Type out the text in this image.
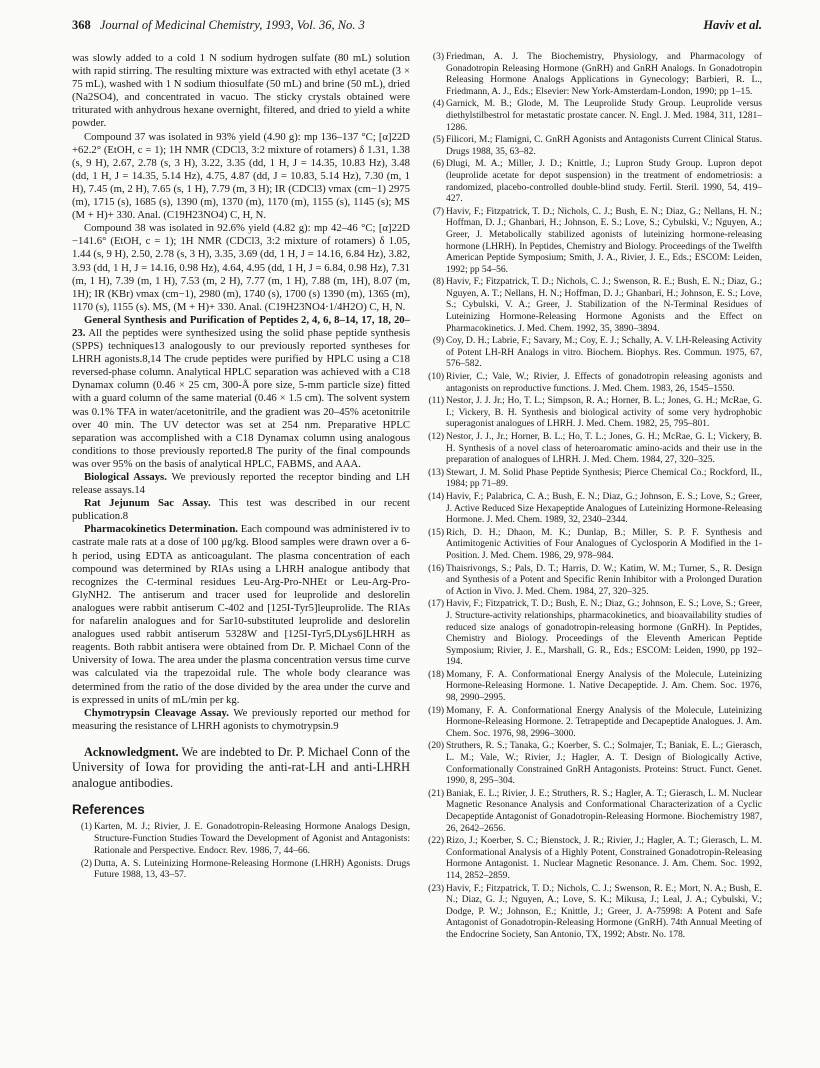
368 Journal of Medicinal Chemistry, 1993, Vol. 36, No. 3	Haviv et al.

was slowly added to a cold 1 N sodium hydrogen sulfate (80 mL) solution with rapid stirring. The resulting mixture was extracted with ethyl acetate (3 × 75 mL), washed with 1 N sodium thiosulfate (50 mL) and brine (50 mL), dried (Na2SO4), and concentrated in vacuo. The sticky crystals obtained were triturated with anhydrous hexane overnight, filtered, and dried to yield a white powder.

Compound 37 was isolated in 93% yield (4.90 g): mp 136–137 °C; [α]22D +62.2° (EtOH, c = 1); 1H NMR (CDCl3, 3:2 mixture of rotamers) δ 1.31, 1.38 (s, 9 H), 2.67, 2.78 (s, 3 H), 3.22, 3.35 (dd, 1 H, J = 14.35, 10.83 Hz), 3.48 (dd, 1 H, J = 14.35, 5.14 Hz), 4.75, 4.87 (dd, J = 10.83, 5.14 Hz), 7.30 (m, 1 H), 7.45 (m, 2 H), 7.65 (s, 1 H), 7.79 (m, 3 H); IR (CDCl3) νmax (cm−1) 2975 (m), 1715 (s), 1685 (s), 1390 (m), 1370 (m), 1170 (m), 1155 (s), 1145 (s); MS (M + H)+ 330. Anal. (C19H23NO4) C, H, N.

Compound 38 was isolated in 92.6% yield (4.82 g): mp 42–46 °C; [α]22D −141.6° (EtOH, c = 1); 1H NMR (CDCl3, 3:2 mixture of rotamers) δ 1.05, 1.44 (s, 9 H), 2.50, 2.78 (s, 3 H), 3.35, 3.69 (dd, 1 H, J = 14.16, 6.84 Hz), 3.82, 3.93 (dd, 1 H, J = 14.16, 0.98 Hz), 4.64, 4.95 (dd, 1 H, J = 6.84, 0.98 Hz), 7.31 (m, 1 H), 7.39 (m, 1 H), 7.53 (m, 2 H), 7.77 (m, 1 H), 7.88 (m, 1H), 8.07 (m, 1H); IR (KBr) νmax (cm−1), 2980 (m), 1740 (s), 1700 (s) 1390 (m), 1365 (m), 1170 (s), 1155 (s). MS, (M + H)+ 330. Anal. (C19H23NO4·1/4H2O) C, H, N.

General Synthesis and Purification of Peptides 2, 4, 6, 8–14, 17, 18, 20–23. All the peptides were synthesized using the solid phase peptide synthesis (SPPS) techniques13 analogously to our previously reported syntheses for LHRH agonists.8,14 The crude peptides were purified by HPLC using a C18 reversed-phase column. Analytical HPLC separation was achieved with a C18 Dynamax column (0.46 × 25 cm, 300-Å pore size, 5-mm particle size) fitted with a guard column of the same material (0.46 × 1.5 cm). The solvent system was 0.1% TFA in water/acetonitrile, and the gradient was 20–45% acetonitrile over 40 min. The UV detector was set at 254 nm. Preparative HPLC separation was accomplished with a C18 Dynamax column using analogous conditions to those previously reported.8 The purity of the final compounds was over 95% on the basis of analytical HPLC, FABMS, and AAA.

Biological Assays. We previously reported the receptor binding and LH release assays.14

Rat Jejunum Sac Assay. This test was described in our recent publication.8

Pharmacokinetics Determination. Each compound was administered iv to castrate male rats at a dose of 100 μg/kg. Blood samples were drawn over a 6-h period, using EDTA as anticoagulant. The plasma concentration of each compound was determined by RIAs using a LHRH analogue antibody that recognizes the C-terminal residues Leu-Arg-Pro-NHEt or Leu-Arg-Pro-GlyNH2. The antiserum and tracer used for leuprolide and deslorelin analogues were rabbit antiserum C-402 and [125I-Tyr5]leuprolide. The RIAs for nafarelin analogues and for Sar10-substituted leuprolide and deslorelin analogues used rabbit antiserum 5328W and [125I-Tyr5,DLys6]LHRH as reagents. Both rabbit antisera were obtained from Dr. P. Michael Conn of the University of Iowa. The area under the plasma concentration versus time curve was calculated via the trapezoidal rule. The whole body clearance was determined from the ratio of the dose divided by the area under the curve and is expressed in units of mL/min per kg.

Chymotrypsin Cleavage Assay. We previously reported our method for measuring the resistance of LHRH agonists to chymotrypsin.9

Acknowledgment. We are indebted to Dr. P. Michael Conn of the University of Iowa for providing the anti-rat-LH and anti-LHRH analogue antibodies.

References
(1) Karten, M. J.; Rivier, J. E. Gonadotropin-Releasing Hormone Analogs Design, Structure-Function Studies Toward the Development of Agonist and Antagonists: Rationale and Perspective. Endocr. Rev. 1986, 7, 44–66.
(2) Dutta, A. S. Luteinizing Hormone-Releasing Hormone (LHRH) Agonists. Drugs Future 1988, 13, 43–57.
(3) Friedman, A. J. The Biochemistry, Physiology, and Pharmacology of Gonadotropin Releasing Hormone (GnRH) and GnRH Analogs. In Gonadotropin Releasing Hormone Analogs Applications in Gynecology; Barbieri, R. L., Friedmann, A. J., Eds.; Elsevier: New York-Amsterdam-London, 1990; pp 1–15.
(4) Garnick, M. B.; Glode, M. The Leuprolide Study Group. Leuprolide versus diethylstilbestrol for metastatic prostate cancer. N. Engl. J. Med. 1984, 311, 1281–1286.
(5) Filicori, M.; Flamigni, C. GnRH Agonists and Antagonists Current Clinical Status. Drugs 1988, 35, 63–82.
(6) Dlugi, M. A.; Miller, J. D.; Knittle, J.; Lupron Study Group. Lupron depot (leuprolide acetate for depot suspension) in the treatment of endometriosis: a randomized, placebo-controlled double-blind study. Fertil. Steril. 1990, 54, 419–427.
(7) Haviv, F.; Fitzpatrick, T. D.; Nichols, C. J.; Bush, E. N.; Diaz, G.; Nellans, H. N.; Hoffman, D. J.; Ghanbari, H.; Johnson, E. S.; Love, S.; Cybulski, V.; Nguyen, A.; Greer, J. Metabolically stabilized agonists of luteinizing hormone-releasing hormone (LHRH). In Peptides, Chemistry and Biology. Proceedings of the Twelfth American Peptide Symposium; Smith, J. A., Rivier, J. E., Eds.; ESCOM: Leiden, 1992; pp 54–56.
(8) Haviv, F.; Fitzpatrick, T. D.; Nichols, C. J.; Swenson, R. E.; Bush, E. N.; Diaz, G.; Nguyen, A. T.; Nellans, H. N.; Hoffman, D. J.; Ghanbari, H.; Johnson, E. S.; Love, S.; Cybulski, V. A.; Greer, J. Stabilization of the N-Terminal Residues of Luteinizing Hormone-Releasing Hormone Agonists and the Effect on Pharmacokinetics. J. Med. Chem. 1992, 35, 3890–3894.
(9) Coy, D. H.; Labrie, F.; Savary, M.; Coy, E. J.; Schally, A. V. LH-Releasing Activity of Potent LH-RH Analogs in vitro. Biochem. Biophys. Res. Commun. 1975, 67, 576–582.
(10) Rivier, C.; Vale, W.; Rivier, J. Effects of gonadotropin releasing agonists and antagonists on reproductive functions. J. Med. Chem. 1983, 26, 1545–1550.
(11) Nestor, J. J. Jr.; Ho, T. L.; Simpson, R. A.; Horner, B. L.; Jones, G. H.; McRae, G. I.; Vickery, B. H. Synthesis and biological activity of some very hydrophobic superagonist analogues of LHRH. J. Med. Chem. 1982, 25, 795–801.
(12) Nestor, J. J., Jr.; Horner, B. L.; Ho, T. L.; Jones, G. H.; McRae, G. I.; Vickery, B. H. Synthesis of a novel class of heteroaromatic amino-acids and their use in the preparation of analogues of LHRH. J. Med. Chem. 1984, 27, 320–325.
(13) Stewart, J. M. Solid Phase Peptide Synthesis; Pierce Chemical Co.; Rockford, IL, 1984; pp 71–89.
(14) Haviv, F.; Palabrica, C. A.; Bush, E. N.; Diaz, G.; Johnson, E. S.; Love, S.; Greer, J. Active Reduced Size Hexapeptide Analogues of Luteinizing Hormone-Releasing Hormone. J. Med. Chem. 1989, 32, 2340–2344.
(15) Rich, D. H.; Dhaon, M. K.; Dunlap, B.; Miller, S. P. F. Synthesis and Antimitogenic Activities of Four Analogues of Cyclosporin A Modified in the 1-Position. J. Med. Chem. 1986, 29, 978–984.
(16) Thaisrivongs, S.; Pals, D. T.; Harris, D. W.; Katim, W. M.; Turner, S., R. Design and Synthesis of a Potent and Specific Renin Inhibitor with a Prolonged Duration of Action in Vivo. J. Med. Chem. 1984, 27, 320–325.
(17) Haviv, F.; Fitzpatrick, T. D.; Bush, E. N.; Diaz, G.; Johnson, E. S.; Love, S.; Greer, J. Structure-activity relationships, pharmacokinetics, and bioavailability studies of reduced size analogs of gonadotropin-releasing hormone (GnRH). In Peptides, Chemistry and Biology. Proceedings of the Eleventh American Peptide Symposium; Rivier, J. E., Marshall, G. R., Eds.; ESCOM: Leiden, 1990, pp 192–194.
(18) Momany, F. A. Conformational Energy Analysis of the Molecule, Luteinizing Hormone-Releasing Hormone. 1. Native Decapeptide. J. Am. Chem. Soc. 1976, 98, 2990–2995.
(19) Momany, F. A. Conformational Energy Analysis of the Molecule, Luteinizing Hormone-Releasing Hormone. 2. Tetrapeptide and Decapeptide Analogues. J. Am. Chem. Soc. 1976, 98, 2996–3000.
(20) Struthers, R. S.; Tanaka, G.; Koerber, S. C.; Solmajer, T.; Baniak, E. L.; Gierasch, L. M.; Vale, W.; Rivier, J.; Hagler, A. T. Design of Biologically Active, Conformationally Constrained GnRH Antagonists. Proteins: Struct. Funct. Genet. 1990, 8, 295–304.
(21) Baniak, E. L.; Rivier, J. E.; Struthers, R. S.; Hagler, A. T.; Gierasch, L. M. Nuclear Magnetic Resonance Analysis and Conformational Characterization of a Cyclic Decapeptide Antagonist of Gonadotropin-Releasing Hormone. Biochemistry 1987, 26, 2642–2656.
(22) Rizo, J.; Koerber, S. C.; Bienstock, J. R.; Rivier, J.; Hagler, A. T.; Gierasch, L. M. Conformational Analysis of a Highly Potent, Constrained Gonadotropin-Releasing Hormone Antagonist. 1. Nuclear Magnetic Resonance. J. Am. Chem. Soc. 1992, 114, 2852–2859.
(23) Haviv, F.; Fitzpatrick, T. D.; Nichols, C. J.; Swenson, R. E.; Mort, N. A.; Bush, E. N.; Diaz, G. J.; Nguyen, A.; Love, S. K.; Mikusa, J.; Leal, J. A.; Cybulski, V.; Dodge, P. W.; Johnson, E.; Knittle, J.; Greer, J. A-75998: A Potent and Safe Antagonist of Gonadotropin-Releasing Hormone (GnRH). 74th Annual Meeting of the Endocrine Society, San Antonio, TX, 1992; Abstr. No. 178.
